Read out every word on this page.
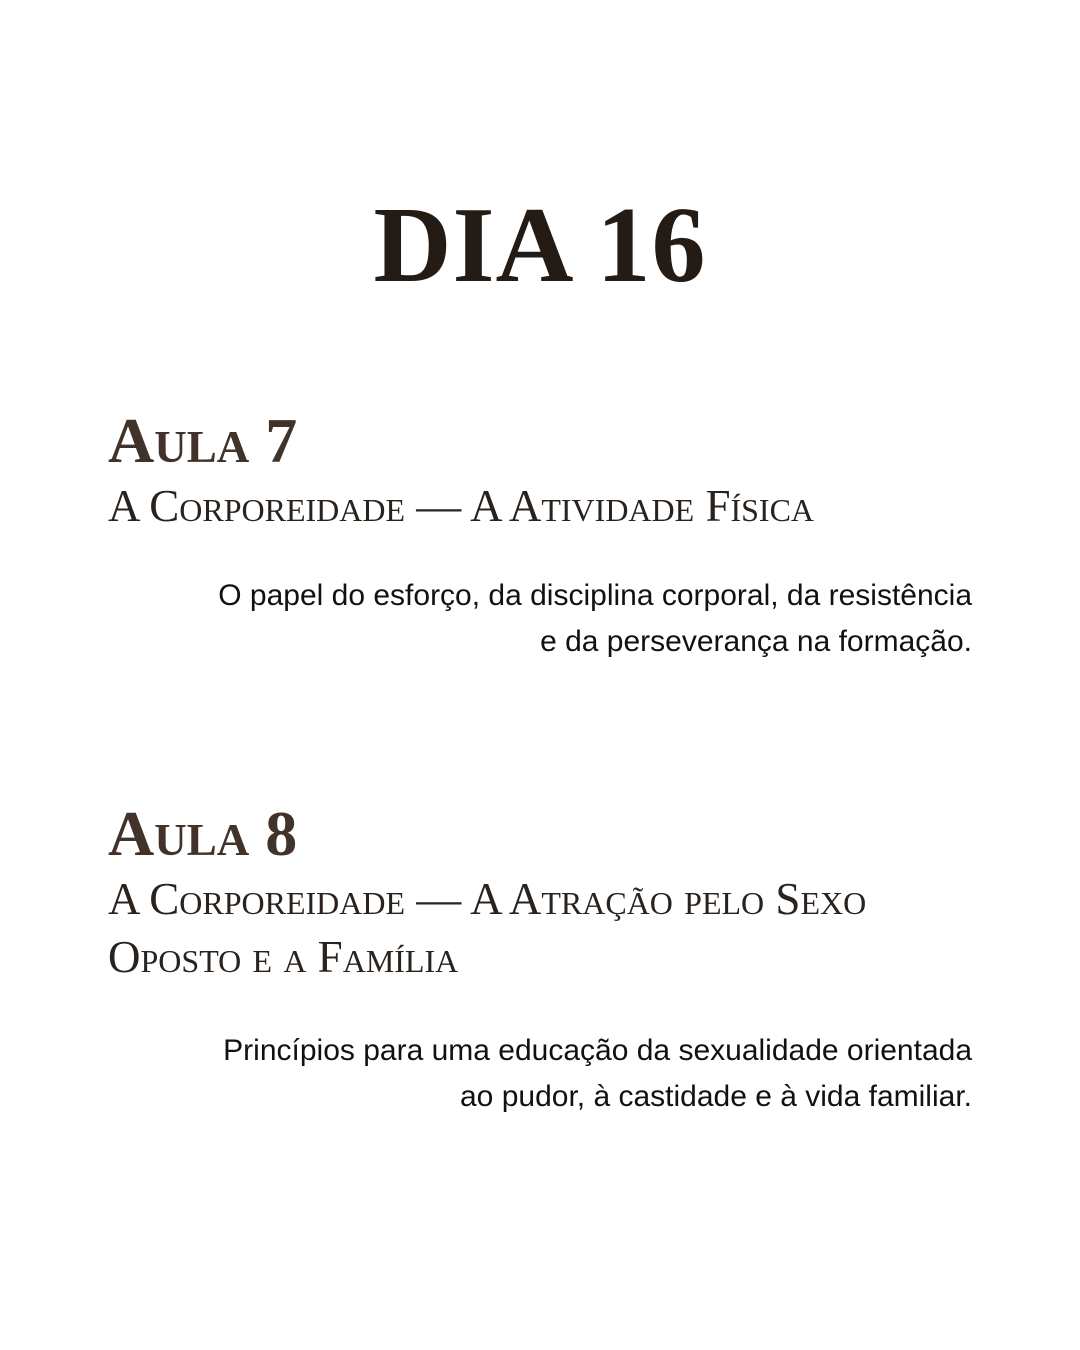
DIA 16
Aula 7
A Corporeidade — A Atividade Física

O papel do esforço, da disciplina corporal, da resistência e da perseverança na formação.

Aula 8
A Corporeidade — A Atração pelo Sexo Oposto e a Família

Princípios para uma educação da sexualidade orientada ao pudor, à castidade e à vida familiar.
